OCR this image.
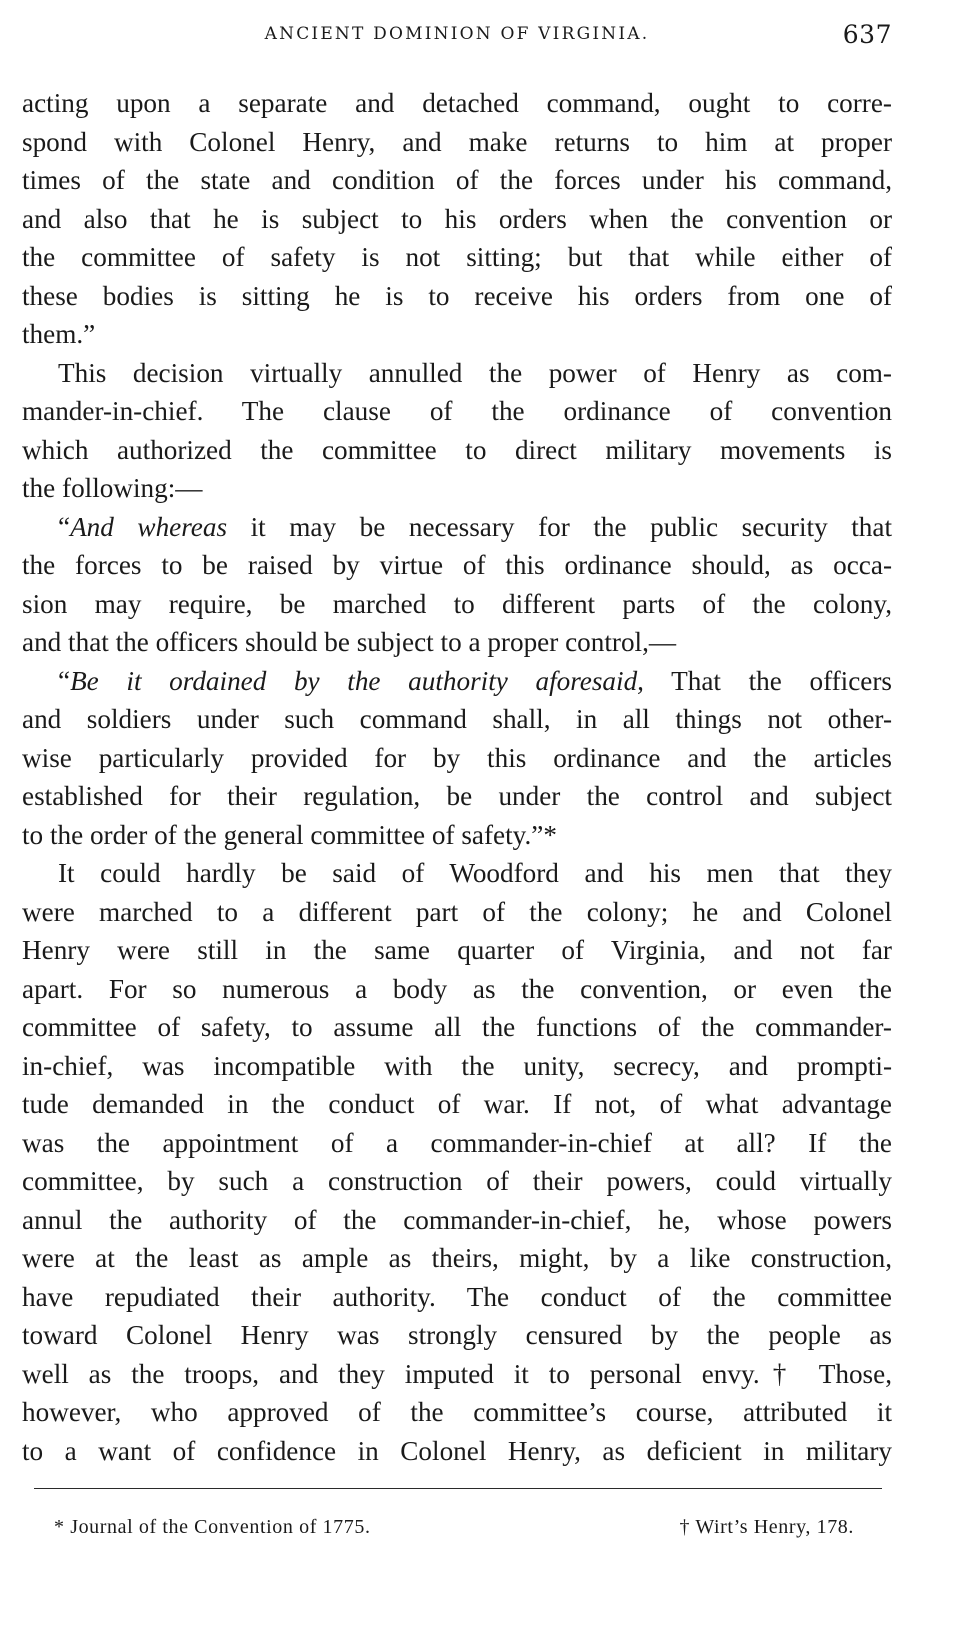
ANCIENT DOMINION OF VIRGINIA.	637
acting upon a separate and detached command, ought to corre-
spond with Colonel Henry, and make returns to him at proper
times of the state and condition of the forces under his command,
and also that he is subject to his orders when the convention or
the committee of safety is not sitting; but that while either of
these bodies is sitting he is to receive his orders from one of
them.”
This decision virtually annulled the power of Henry as com-
mander-in-chief. The clause of the ordinance of convention
which authorized the committee to direct military movements is
the following:—
“And whereas it may be necessary for the public security that
the forces to be raised by virtue of this ordinance should, as occa-
sion may require, be marched to different parts of the colony,
and that the officers should be subject to a proper control,—
“Be it ordained by the authority aforesaid, That the officers
and soldiers under such command shall, in all things not other-
wise particularly provided for by this ordinance and the articles
established for their regulation, be under the control and subject
to the order of the general committee of safety.”*
It could hardly be said of Woodford and his men that they
were marched to a different part of the colony; he and Colonel
Henry were still in the same quarter of Virginia, and not far
apart. For so numerous a body as the convention, or even the
committee of safety, to assume all the functions of the commander-
in-chief, was incompatible with the unity, secrecy, and prompti-
tude demanded in the conduct of war. If not, of what advantage
was the appointment of a commander-in-chief at all? If the
committee, by such a construction of their powers, could virtually
annul the authority of the commander-in-chief, he, whose powers
were at the least as ample as theirs, might, by a like construction,
have repudiated their authority. The conduct of the committee
toward Colonel Henry was strongly censured by the people as
well as the troops, and they imputed it to personal envy.† Those,
however, who approved of the committee’s course, attributed it
to a want of confidence in Colonel Henry, as deficient in military
* Journal of the Convention of 1775.	† Wirt’s Henry, 178.
